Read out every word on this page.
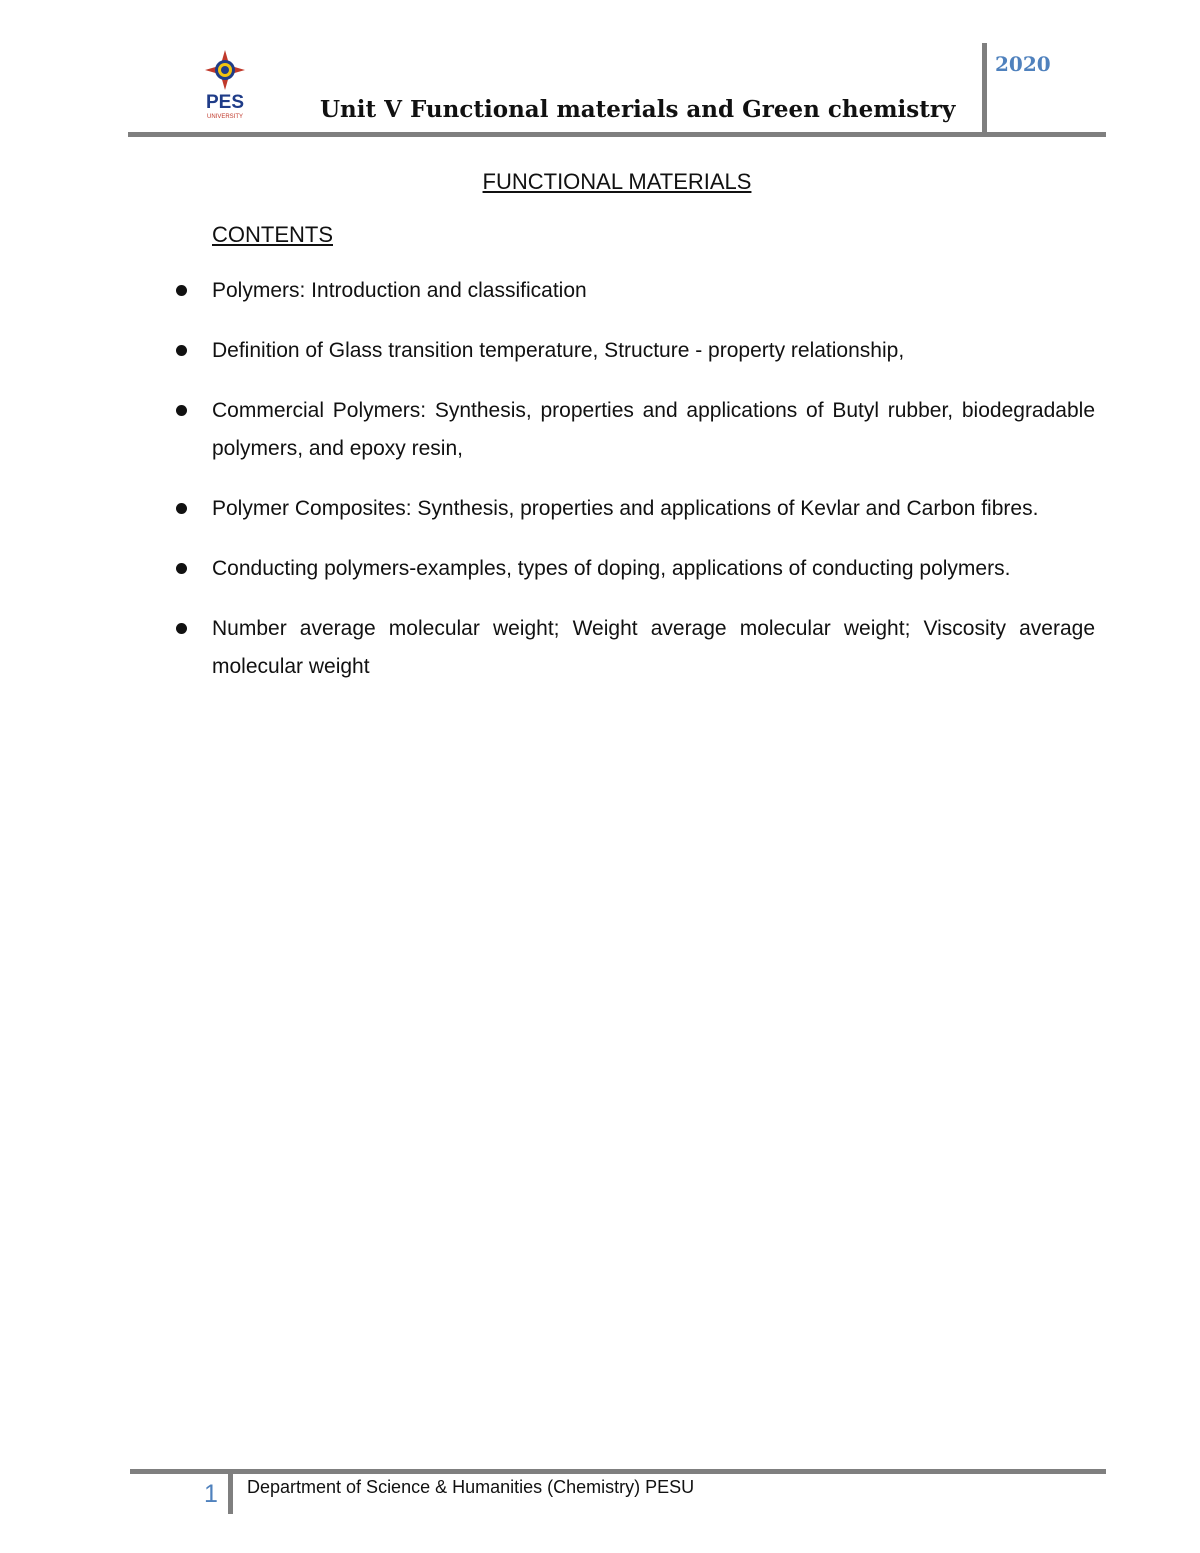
PES
UNIVERSITY	Unit V Functional materials and Green chemistry
2020
FUNCTIONAL MATERIALS
CONTENTS
Polymers: Introduction and classification
Definition of Glass transition temperature, Structure - property relationship,
Commercial Polymers: Synthesis, properties and applications of Butyl rubber, biodegradable polymers, and epoxy resin,
Polymer Composites: Synthesis, properties and applications of Kevlar and Carbon fibres.
Conducting polymers-examples, types of doping, applications of conducting polymers.
Number average molecular weight; Weight average molecular weight; Viscosity average molecular weight
1 Department of Science & Humanities (Chemistry) PESU
